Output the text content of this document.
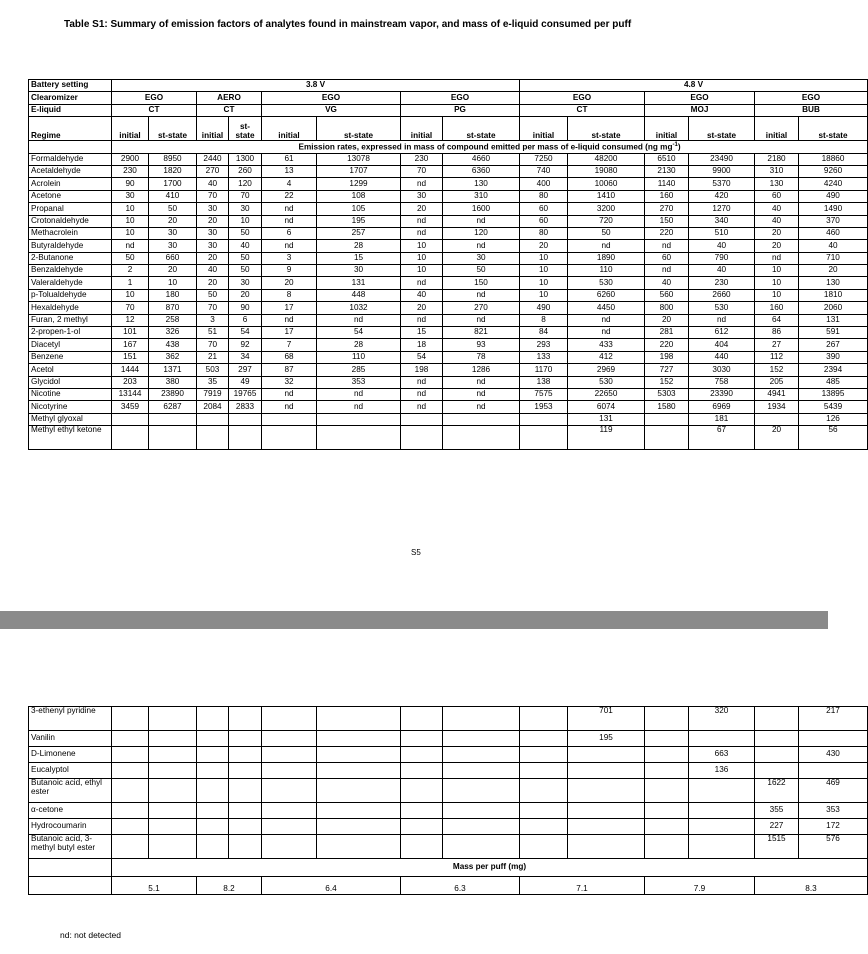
Table S1: Summary of emission factors of analytes found in mainstream vapor, and mass of e-liquid consumed per puff
Battery setting	3.8 V								4.8 V					
Clearomizer	EGO		AERO		EGO		EGO		EGO		EGO		EGO	
E-liquid	CT		CT		VG		PG		CT		MOJ		BUB	
Regime	initial	st-state	initial	st-state	initial	st-state	initial	st-state	initial	st-state	initial	st-state	initial	st-state
	Emission rates, expressed in mass of compound emitted per mass of e-liquid consumed (ng $mg^{-1}$)													
Formaldehyde	2900	8950	2440	1300	61	13078	230	4660	7250	48200	6510	23490	2180	18860
Acetaldehyde	230	1820	270	260	13	1707	70	6360	740	19080	2130	9900	310	9260
Acrolein	90	1700	40	120	4	1299	nd	130	400	10060	1140	5370	130	4240
Acetone	30	410	70	70	22	108	30	310	80	1410	160	420	60	490
Propanal	10	50	30	30	nd	105	20	1600	60	3200	270	1270	40	1490
Crotonaldehyde	10	20	20	10	nd	195	nd	nd	60	720	150	340	40	370
Methacrolein	10	30	30	50	6	257	nd	120	80	50	220	510	20	460
Butyraldehyde	nd	30	30	40	nd	28	10	nd	20	nd	nd	40	20	40
2-Butanone	50	660	20	50	3	15	10	30	10	1890	60	790	nd	710
Benzaldehyde	2	20	40	50	9	30	10	50	10	110	nd	40	10	20
Valeraldehyde	1	10	20	30	20	131	nd	150	10	530	40	230	10	130
p-Tolualdehyde	10	180	50	20	8	448	40	nd	10	6260	560	2660	10	1810
Hexaldehyde	70	870	70	90	17	1032	20	270	490	4450	800	530	160	2060
Furan, 2 methyl	12	258	3	6	nd	nd	nd	nd	8	nd	20	nd	64	131
2-propen-1-ol	101	326	51	54	17	54	15	821	84	nd	281	612	86	591
Diacetyl	167	438	70	92	7	28	18	93	293	433	220	404	27	267
Benzene	151	362	21	34	68	110	54	78	133	412	198	440	112	390
Acetol	1444	1371	503	297	87	285	198	1286	1170	2969	727	3030	152	2394
Glycidol	203	380	35	49	32	353	nd	nd	138	530	152	758	205	485
Nicotine	13144	23890	7919	19765	nd	nd	nd	nd	7575	22650	5303	23390	4941	13895
Nicotyrine	3459	6287	2084	2833	nd	nd	nd	nd	1953	6074	1580	6969	1934	5439
Methyl glyoxal										131		181		126
Methyl ethyl ketone										119		67	20	56
S5
3-ethenyl pyridine										701		320		217
Vanilin										195				
D-Limonene												663		430
Eucalyptol												136		
Butanoic acid, ethyl ester													1622	469
α-cetone													355	353
Hydrocoumarin													227	172
Butanoic acid, 3-methyl butyl ester													1515	576
	Mass per puff (mg)													
	5.1		8.2		6.4		6.3		7.1		7.9		8.3	
nd: not detected
